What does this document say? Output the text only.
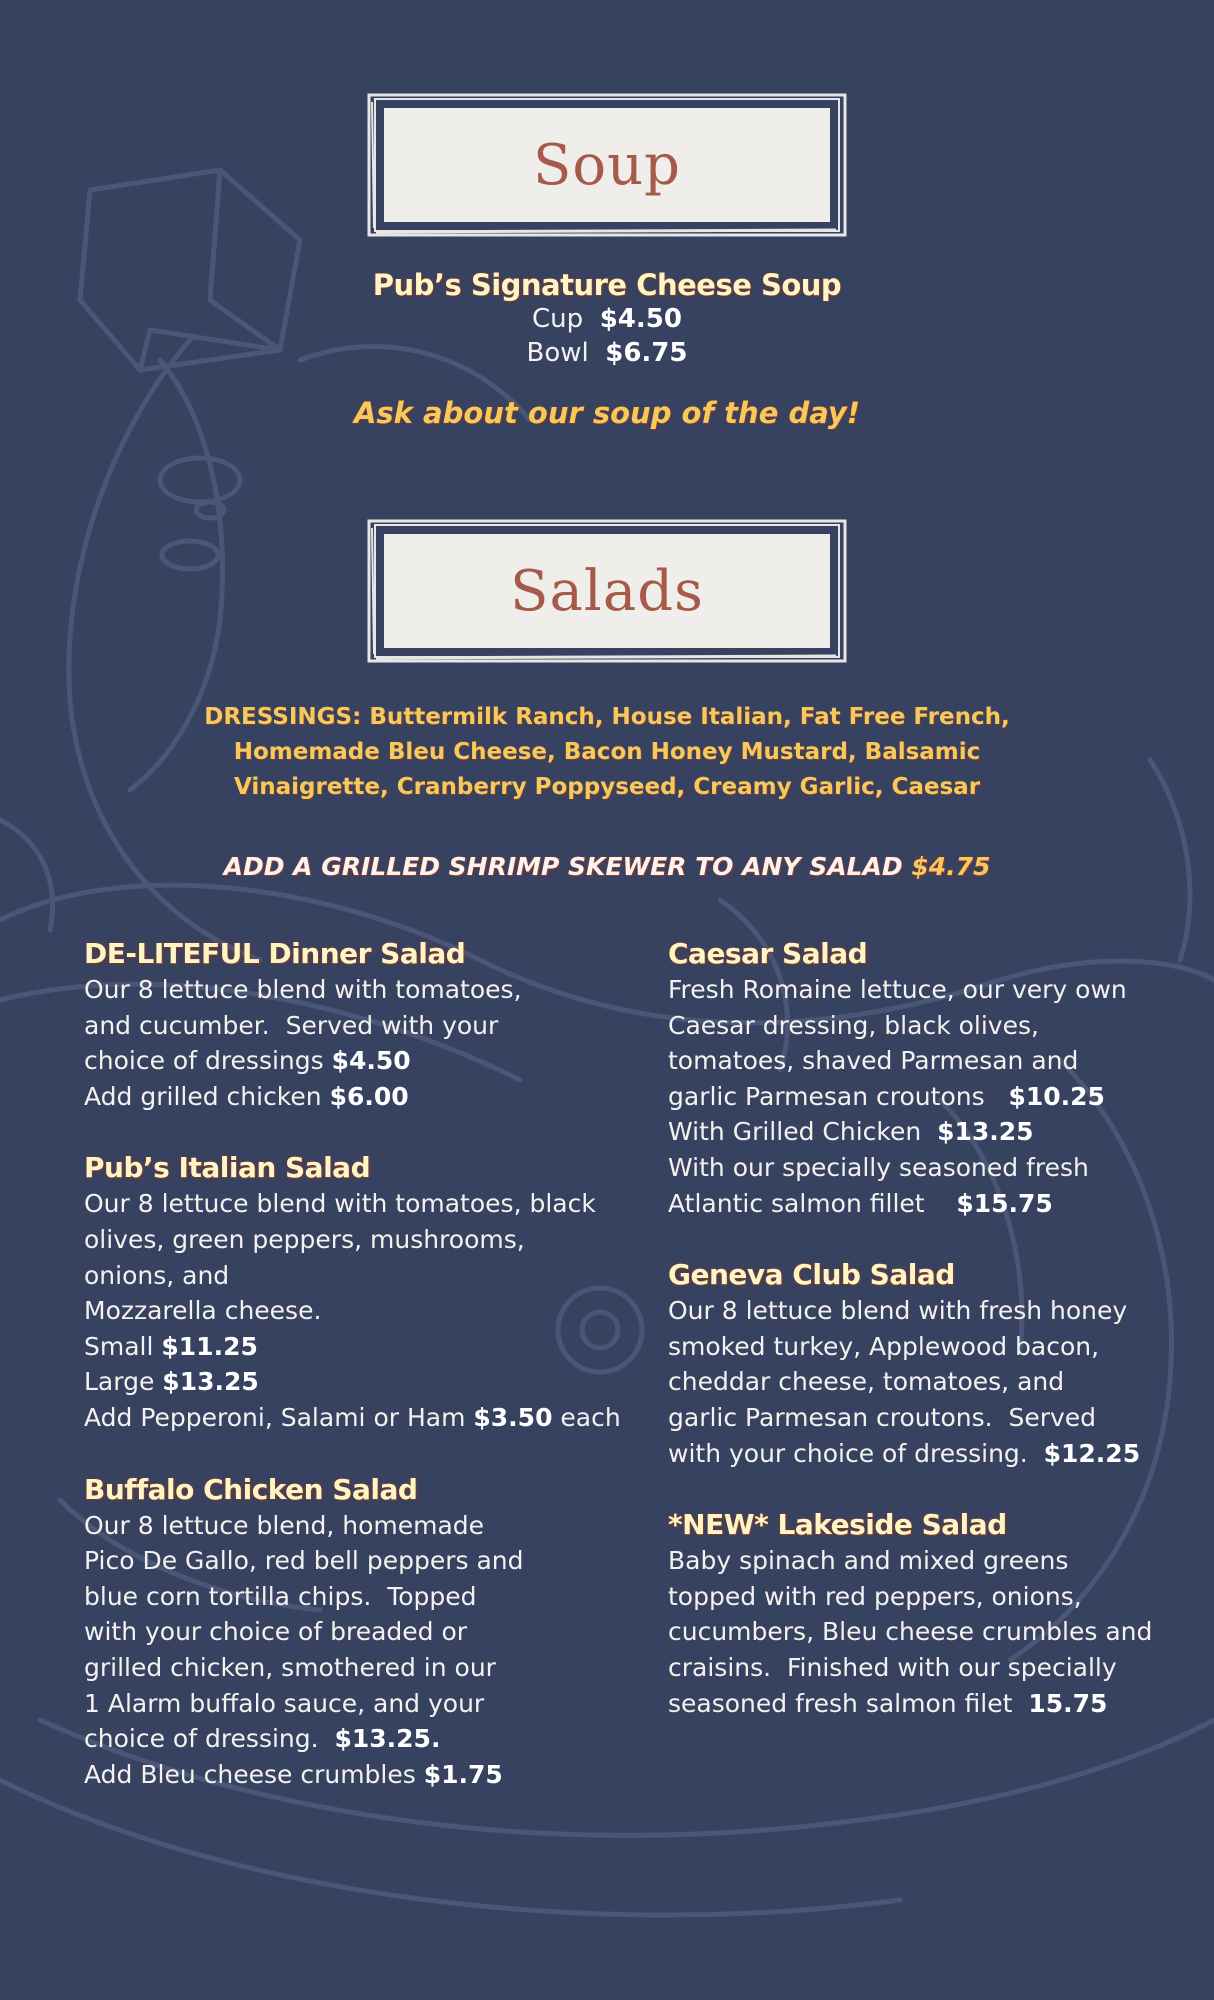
Soup
Pub’s Signature Cheese Soup
Cup $4.50
Bowl $6.75
Ask about our soup of the day!
Salads
DRESSINGS: Buttermilk Ranch, House Italian, Fat Free French, Homemade Bleu Cheese, Bacon Honey Mustard, Balsamic Vinaigrette, Cranberry Poppyseed, Creamy Garlic, Caesar
ADD A GRILLED SHRIMP SKEWER TO ANY SALAD $4.75
DE-LITEFUL Dinner Salad
Our 8 lettuce blend with tomatoes,
and cucumber.  Served with your
choice of dressings $4.50
Add grilled chicken $6.00
Pub’s Italian Salad
Our 8 lettuce blend with tomatoes, black
olives, green peppers, mushrooms,
onions, and
Mozzarella cheese.
Small $11.25
Large $13.25
Add Pepperoni, Salami or Ham $3.50 each
Buffalo Chicken Salad
Our 8 lettuce blend, homemade
Pico De Gallo, red bell peppers and
blue corn tortilla chips.  Topped
with your choice of breaded or
grilled chicken, smothered in our
1 Alarm buffalo sauce, and your
choice of dressing.  $13.25.
Add Bleu cheese crumbles $1.75
Caesar Salad
Fresh Romaine lettuce, our very own
Caesar dressing, black olives,
tomatoes, shaved Parmesan and
garlic Parmesan croutons   $10.25
With Grilled Chicken  $13.25
With our specially seasoned fresh
Atlantic salmon fillet    $15.75
Geneva Club Salad
Our 8 lettuce blend with fresh honey
smoked turkey, Applewood bacon,
cheddar cheese, tomatoes, and
garlic Parmesan croutons.  Served
with your choice of dressing.  $12.25
*NEW* Lakeside Salad
Baby spinach and mixed greens
topped with red peppers, onions,
cucumbers, Bleu cheese crumbles and
craisins.  Finished with our specially
seasoned fresh salmon filet  15.75
